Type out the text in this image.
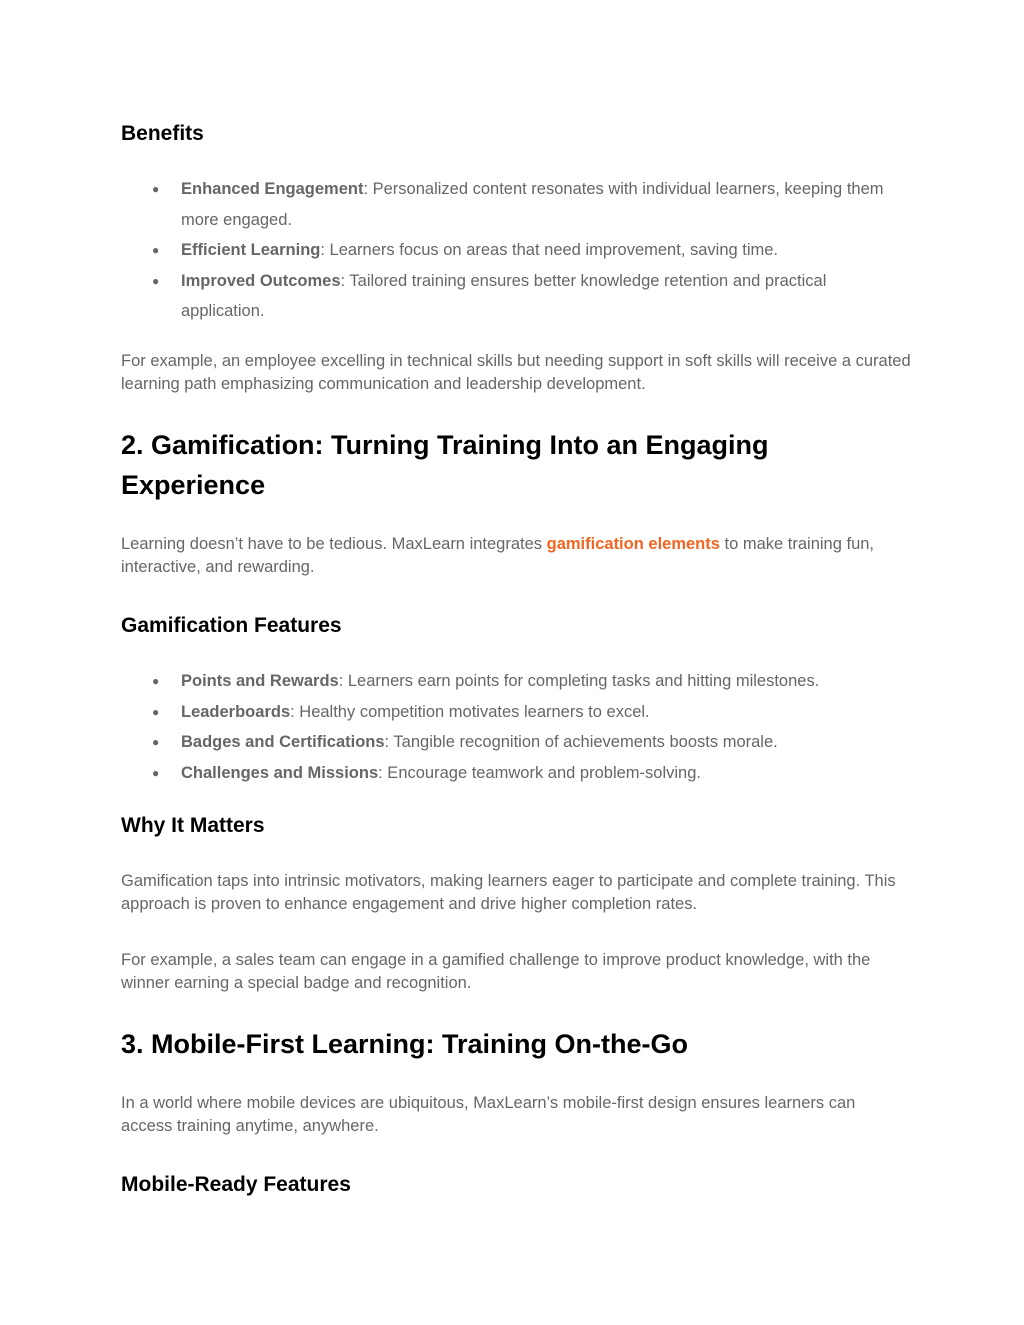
Benefits
● Enhanced Engagement: Personalized content resonates with individual learners, keeping them more engaged.
● Efficient Learning: Learners focus on areas that need improvement, saving time.
● Improved Outcomes: Tailored training ensures better knowledge retention and practical application.

For example, an employee excelling in technical skills but needing support in soft skills will receive a curated learning path emphasizing communication and leadership development.

2. Gamification: Turning Training Into an Engaging Experience

Learning doesn’t have to be tedious. MaxLearn integrates gamification elements to make training fun, interactive, and rewarding.

Gamification Features
● Points and Rewards: Learners earn points for completing tasks and hitting milestones.
● Leaderboards: Healthy competition motivates learners to excel.
● Badges and Certifications: Tangible recognition of achievements boosts morale.
● Challenges and Missions: Encourage teamwork and problem-solving.
Why It Matters

Gamification taps into intrinsic motivators, making learners eager to participate and complete training. This approach is proven to enhance engagement and drive higher completion rates.

For example, a sales team can engage in a gamified challenge to improve product knowledge, with the winner earning a special badge and recognition.

3. Mobile-First Learning: Training On-the-Go

In a world where mobile devices are ubiquitous, MaxLearn’s mobile-first design ensures learners can access training anytime, anywhere.

Mobile-Ready Features
